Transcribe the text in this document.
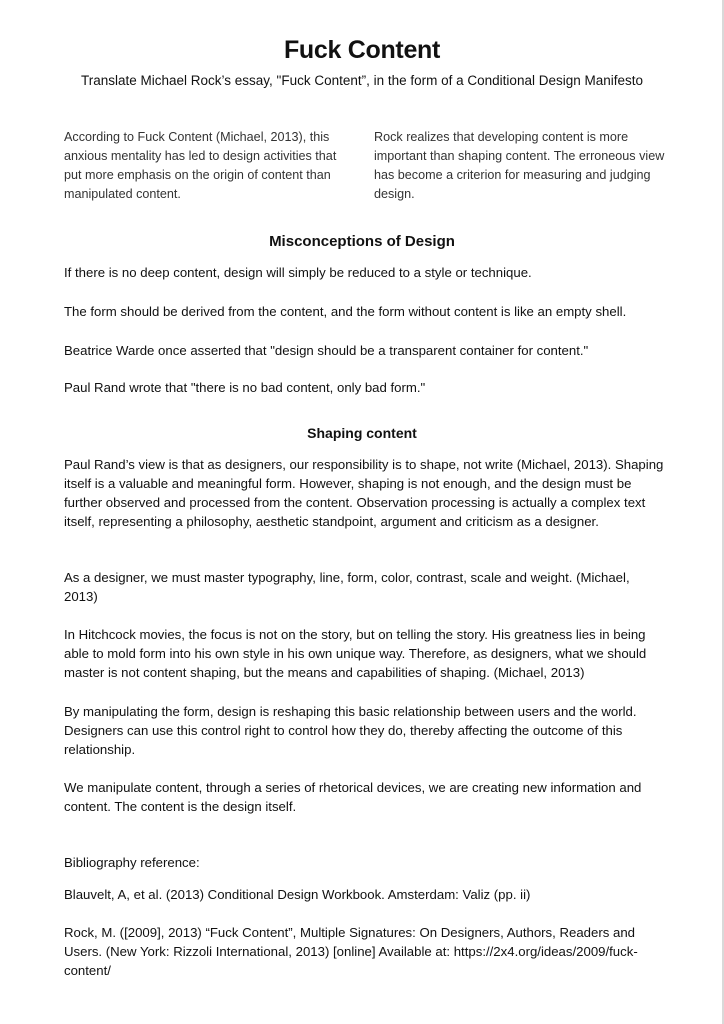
Fuck Content
Translate Michael Rock’s essay, "Fuck Content”, in the form of a Conditional Design Manifesto
According to Fuck Content (Michael, 2013), this anxious mentality has led to design activities that put more emphasis on the origin of content than manipulated content.
Rock realizes that developing content is more important than shaping content. The erroneous view has become a criterion for measuring and judging design.
Misconceptions of Design

If there is no deep content, design will simply be reduced to a style or technique.

The form should be derived from the content, and the form without content is like an empty shell.

Beatrice Warde once asserted that "design should be a transparent container for content."

Paul Rand wrote that "there is no bad content, only bad form."

Shaping content

Paul Rand’s view is that as designers, our responsibility is to shape, not write (Michael, 2013). Shaping itself is a valuable and meaningful form. However, shaping is not enough, and the design must be further observed and processed from the content. Observation processing is actually a complex text itself, representing a philosophy, aesthetic standpoint, argument and criticism as a designer.

As a designer, we must master typography, line, form, color, contrast, scale and weight. (Michael, 2013)

In Hitchcock movies, the focus is not on the story, but on telling the story. His greatness lies in being able to mold form into his own style in his own unique way. Therefore, as designers, what we should master is not content shaping, but the means and capabilities of shaping. (Michael, 2013)

By manipulating the form, design is reshaping this basic relationship between users and the world. Designers can use this control right to control how they do, thereby affecting the outcome of this relationship.

We manipulate content, through a series of rhetorical devices, we are creating new information and content. The content is the design itself.

Bibliography reference:

Blauvelt, A, et al. (2013) Conditional Design Workbook. Amsterdam: Valiz (pp. ii)

Rock, M. ([2009], 2013) “Fuck Content”, Multiple Signatures: On Designers, Authors, Readers and Users. (New York: Rizzoli International, 2013) [online] Available at: https://2x4.org/ideas/2009/fuck-content/
